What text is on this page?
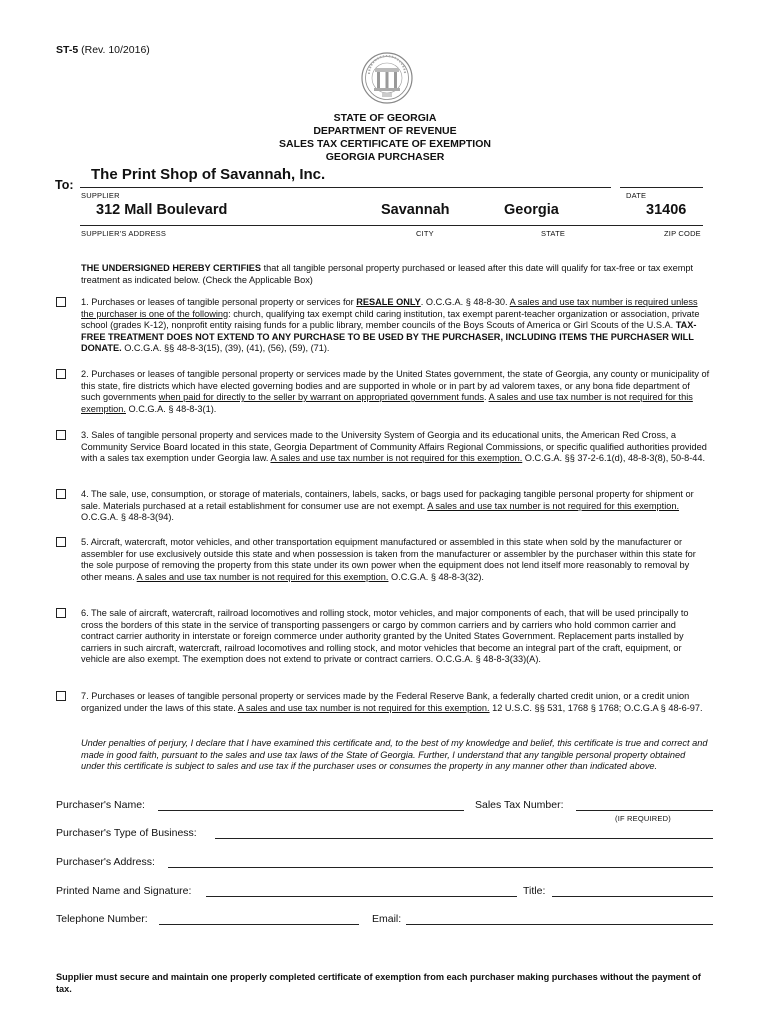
ST-5 (Rev. 10/2016)
STATE OF GEORGIA
DEPARTMENT OF REVENUE
SALES TAX CERTIFICATE OF EXEMPTION
GEORGIA PURCHASER
To:
The Print Shop of Savannah, Inc.
SUPPLIER	DATE
312 Mall Boulevard	Savannah	Georgia	31406
SUPPLIER'S ADDRESS	CITY	STATE	ZIP CODE
THE UNDERSIGNED HEREBY CERTIFIES that all tangible personal property purchased or leased after this date will qualify for tax-free or tax exempt treatment as indicated below. (Check the Applicable Box)
1. Purchases or leases of tangible personal property or services for RESALE ONLY. O.C.G.A. § 48-8-30. A sales and use tax number is required unless the purchaser is one of the following: church, qualifying tax exempt child caring institution, tax exempt parent-teacher organization or association, private school (grades K-12), nonprofit entity raising funds for a public library, member councils of the Boys Scouts of America or Girl Scouts of the U.S.A. TAX-FREE TREATMENT DOES NOT EXTEND TO ANY PURCHASE TO BE USED BY THE PURCHASER, INCLUDING ITEMS THE PURCHASER WILL DONATE. O.C.G.A. §§ 48-8-3(15), (39), (41), (56), (59), (71).
2. Purchases or leases of tangible personal property or services made by the United States government, the state of Georgia, any county or municipality of this state, fire districts which have elected governing bodies and are supported in whole or in part by ad valorem taxes, or any bona fide department of such governments when paid for directly to the seller by warrant on appropriated government funds. A sales and use tax number is not required for this exemption. O.C.G.A. § 48-8-3(1).
3. Sales of tangible personal property and services made to the University System of Georgia and its educational units, the American Red Cross, a Community Service Board located in this state, Georgia Department of Community Affairs Regional Commissions, or specific qualified authorities provided with a sales tax exemption under Georgia law. A sales and use tax number is not required for this exemption. O.C.G.A. §§ 37-2-6.1(d), 48-8-3(8), 50-8-44.
4. The sale, use, consumption, or storage of materials, containers, labels, sacks, or bags used for packaging tangible personal property for shipment or sale. Materials purchased at a retail establishment for consumer use are not exempt. A sales and use tax number is not required for this exemption. O.C.G.A. § 48-8-3(94).
5. Aircraft, watercraft, motor vehicles, and other transportation equipment manufactured or assembled in this state when sold by the manufacturer or assembler for use exclusively outside this state and when possession is taken from the manufacturer or assembler by the purchaser within this state for the sole purpose of removing the property from this state under its own power when the equipment does not lend itself more reasonably to removal by other means. A sales and use tax number is not required for this exemption. O.C.G.A. § 48-8-3(32).
6. The sale of aircraft, watercraft, railroad locomotives and rolling stock, motor vehicles, and major components of each, that will be used principally to cross the borders of this state in the service of transporting passengers or cargo by common carriers and by carriers who hold common carrier and contract carrier authority in interstate or foreign commerce under authority granted by the United States Government. Replacement parts installed by carriers in such aircraft, watercraft, railroad locomotives and rolling stock, and motor vehicles that become an integral part of the craft, equipment, or vehicle are also exempt. The exemption does not extend to private or contract carriers. O.C.G.A. § 48-8-3(33)(A).
7. Purchases or leases of tangible personal property or services made by the Federal Reserve Bank, a federally charted credit union, or a credit union organized under the laws of this state. A sales and use tax number is not required for this exemption. 12 U.S.C. §§ 531, 1768 § 1768; O.C.G.A § 48-6-97.
Under penalties of perjury, I declare that I have examined this certificate and, to the best of my knowledge and belief, this certificate is true and correct and made in good faith, pursuant to the sales and use tax laws of the State of Georgia. Further, I understand that any tangible personal property obtained under this certificate is subject to sales and use tax if the purchaser uses or consumes the property in any manner other than indicated above.
Purchaser's Name:	Sales Tax Number:
(IF REQUIRED)
Purchaser's Type of Business:
Purchaser's Address:
Printed Name and Signature:	Title:
Telephone Number:	Email:
Supplier must secure and maintain one properly completed certificate of exemption from each purchaser making purchases without the payment of tax.
